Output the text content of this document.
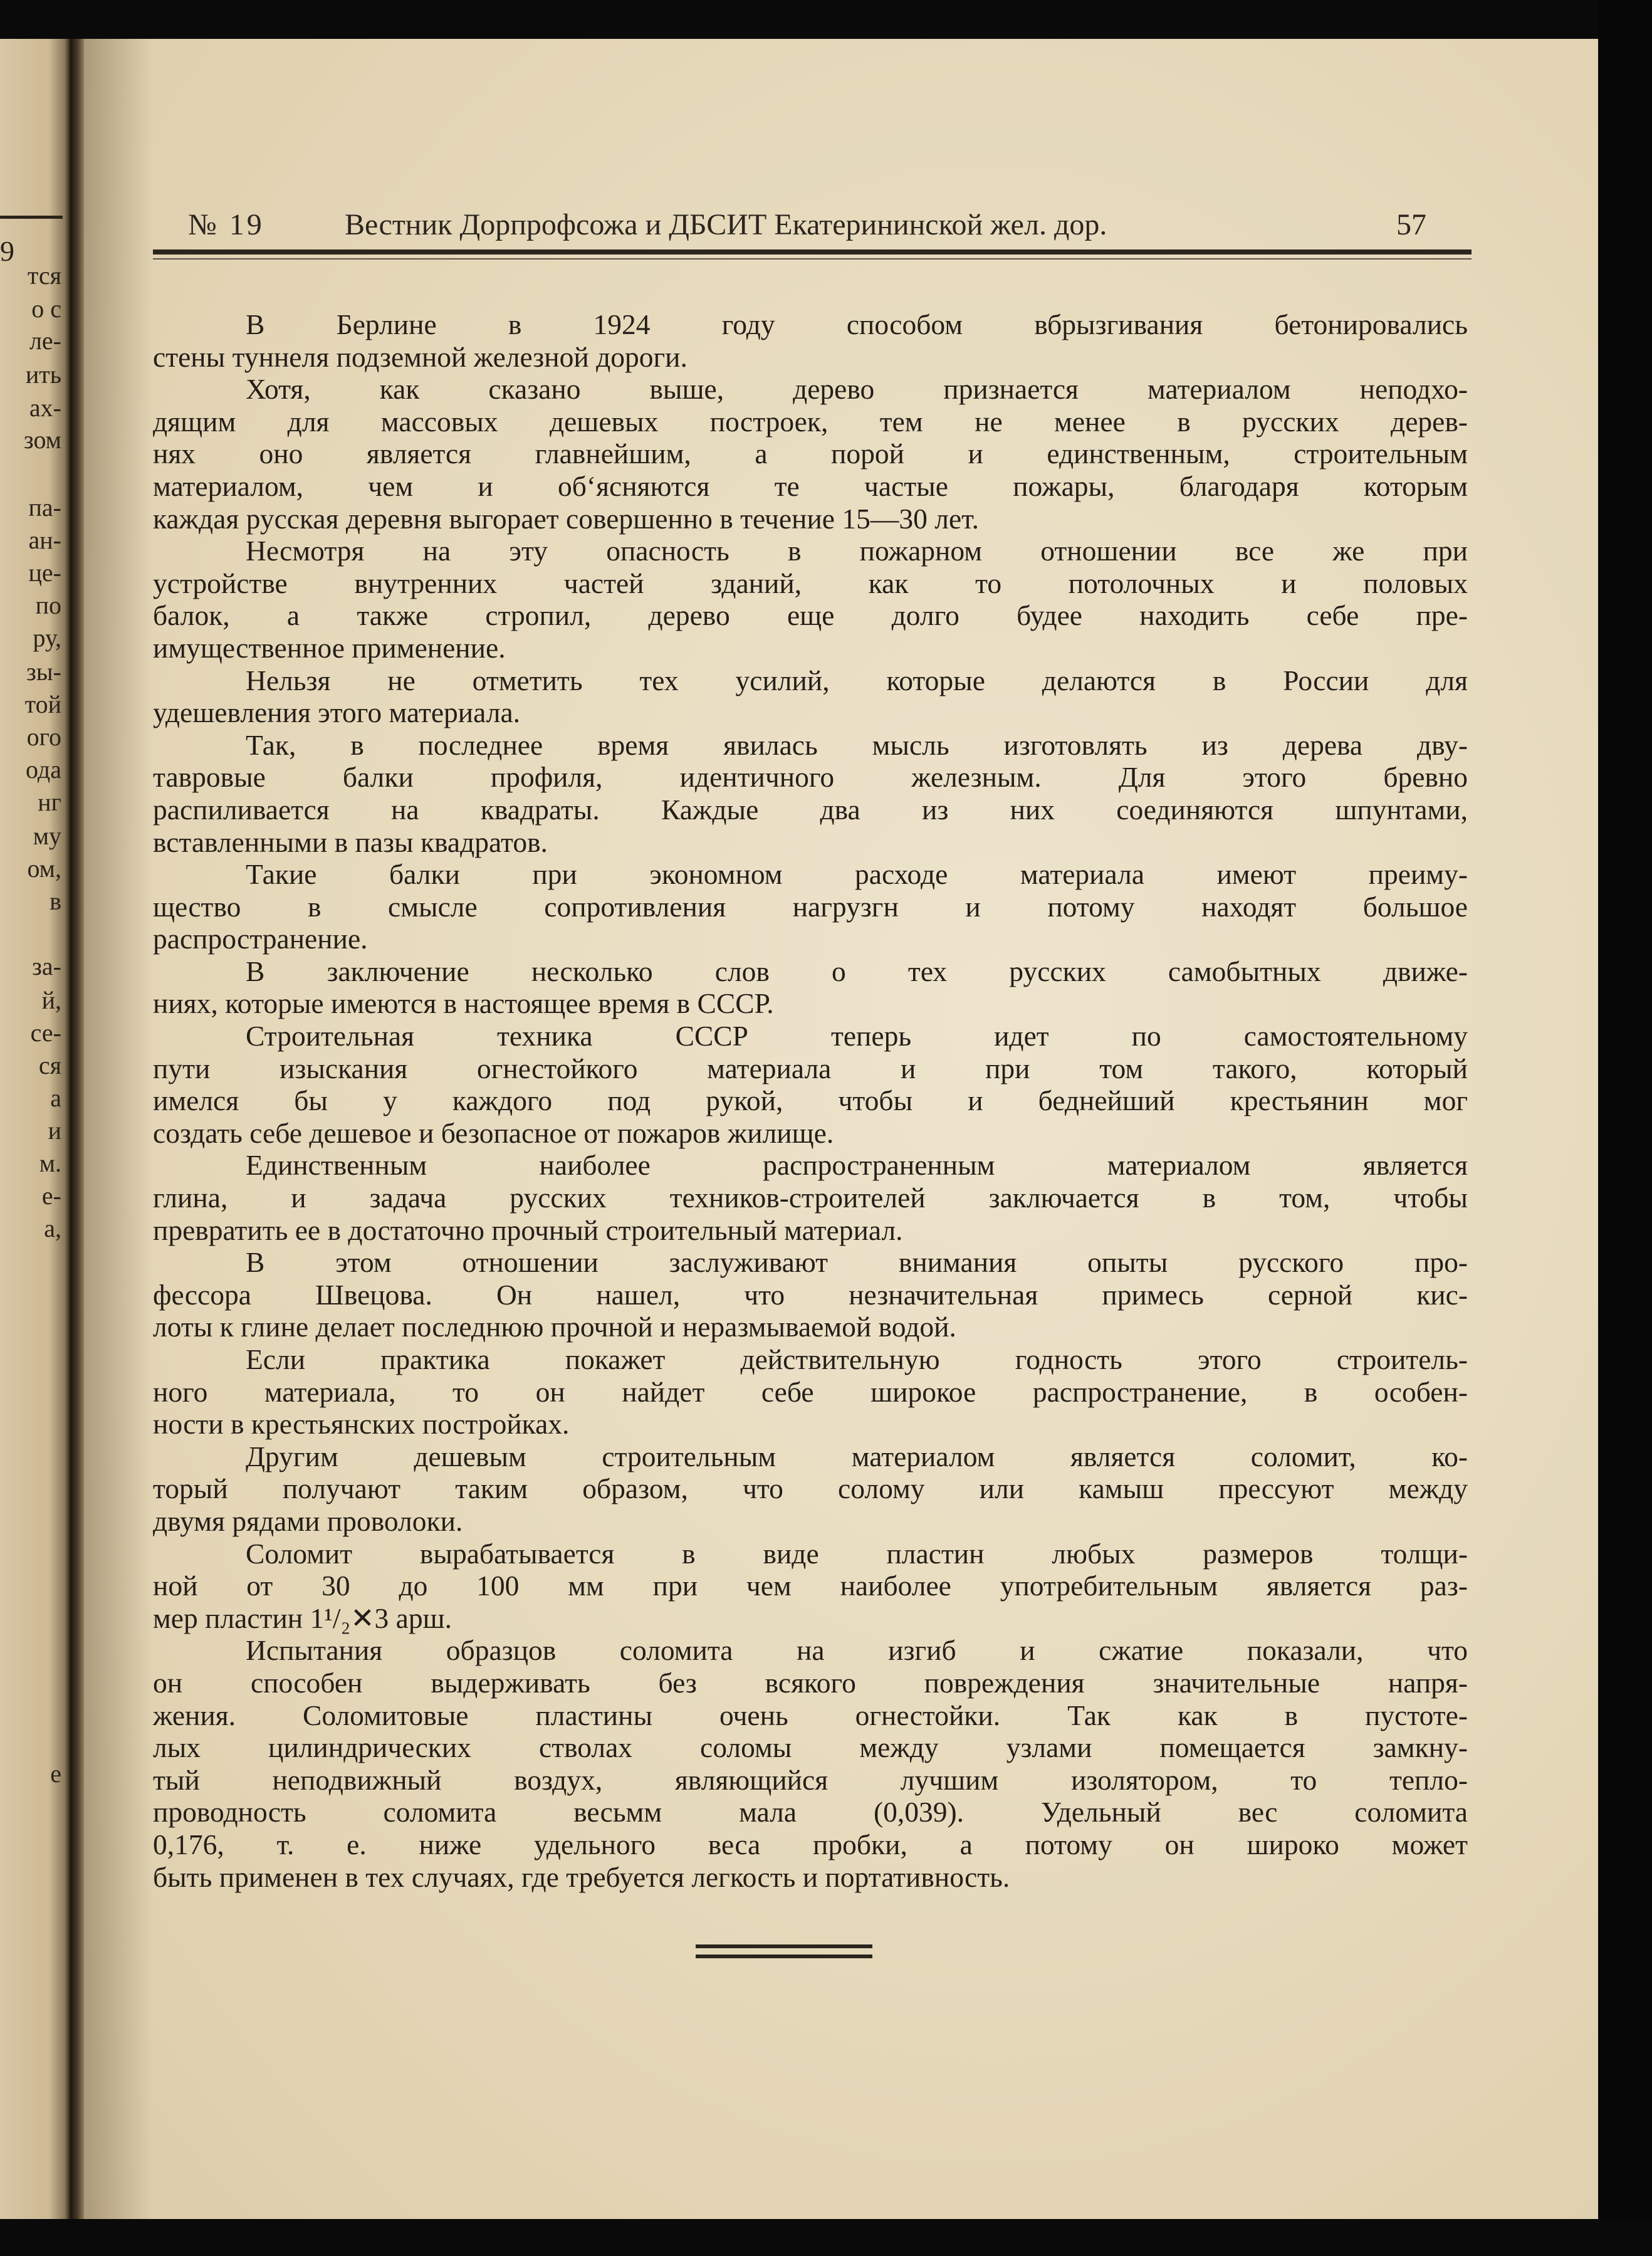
9
тся
о с
ле-
ить
ах-
зом
па-
ан-
це-
по
ру,
зы-
той
ого
ода
нг
му
ом,
в
за-
й,
се-
ся
а
и
м.
е-
а,
е
№ 19	Вестник Дорпрофсожа и ДБСИТ Екатерининской жел. дор.	57
В Берлине в 1924 году способом вбрызгивания бетонировались
стены туннеля подземной железной дороги.
Хотя, как сказано выше, дерево признается материалом неподхо-
дящим для массовых дешевых построек, тем не менее в русских дерев-
нях оно является главнейшим, а порой и единственным, строительным
материалом, чем и об‘ясняются те частые пожары, благодаря которым
каждая русская деревня выгорает совершенно в течение 15—30 лет.
Несмотря на эту опасность в пожарном отношении все же при
устройстве внутренних частей зданий, как то потолочных и половых
балок, а также стропил, дерево еще долго будее находить себе пре-
имущественное применение.
Нельзя не отметить тех усилий, которые делаются в России для
удешевления этого материала.
Так, в последнее время явилась мысль изготовлять из дерева дву-
тавровые балки профиля, идентичного железным. Для этого бревно
распиливается на квадраты. Каждые два из них соединяются шпунтами,
вставленными в пазы квадратов.
Такие балки при экономном расходе материала имеют преиму-
щество в смысле сопротивления нагрузгн и потому находят большое
распространение.
В заключение несколько слов о тех русских самобытных движе-
ниях, которые имеются в настоящее время в СССР.
Строительная техника СССР теперь идет по самостоятельному
пути изыскания огнестойкого материала и при том такого, который
имелся бы у каждого под рукой, чтобы и беднейший крестьянин мог
создать себе дешевое и безопасное от пожаров жилище.
Единственным наиболее распространенным материалом является
глина, и задача русских техников-строителей заключается в том, чтобы
превратить ее в достаточно прочный строительный материал.
В этом отношении заслуживают внимания опыты русского про-
фессора Швецова. Он нашел, что незначительная примесь серной кис-
лоты к глине делает последнюю прочной и неразмываемой водой.
Если практика покажет действительную годность этого строитель-
ного материала, то он найдет себе широкое распространение, в особен-
ности в крестьянских постройках.
Другим дешевым строительным материалом является соломит, ко-
торый получают таким образом, что солому или камыш прессуют между
двумя рядами проволоки.
Соломит вырабатывается в виде пластин любых размеров толщи-
ной от 30 до 100 мм при чем наиболее употребительным является раз-
мер пластин 1¹/₂✕3 арш.
Испытания образцов соломита на изгиб и сжатие показали, что
он способен выдерживать без всякого повреждения значительные напря-
жения. Соломитовые пластины очень огнестойки. Так как в пустоте-
лых цилиндрических стволах соломы между узлами помещается замкну-
тый неподвижный воздух, являющийся лучшим изолятором, то тепло-
проводность соломита весьмм мала (0,039). Удельный вес соломита
0,176, т. е. ниже удельного веса пробки, а потому он широко может
быть применен в тех случаях, где требуется легкость и портативность.
